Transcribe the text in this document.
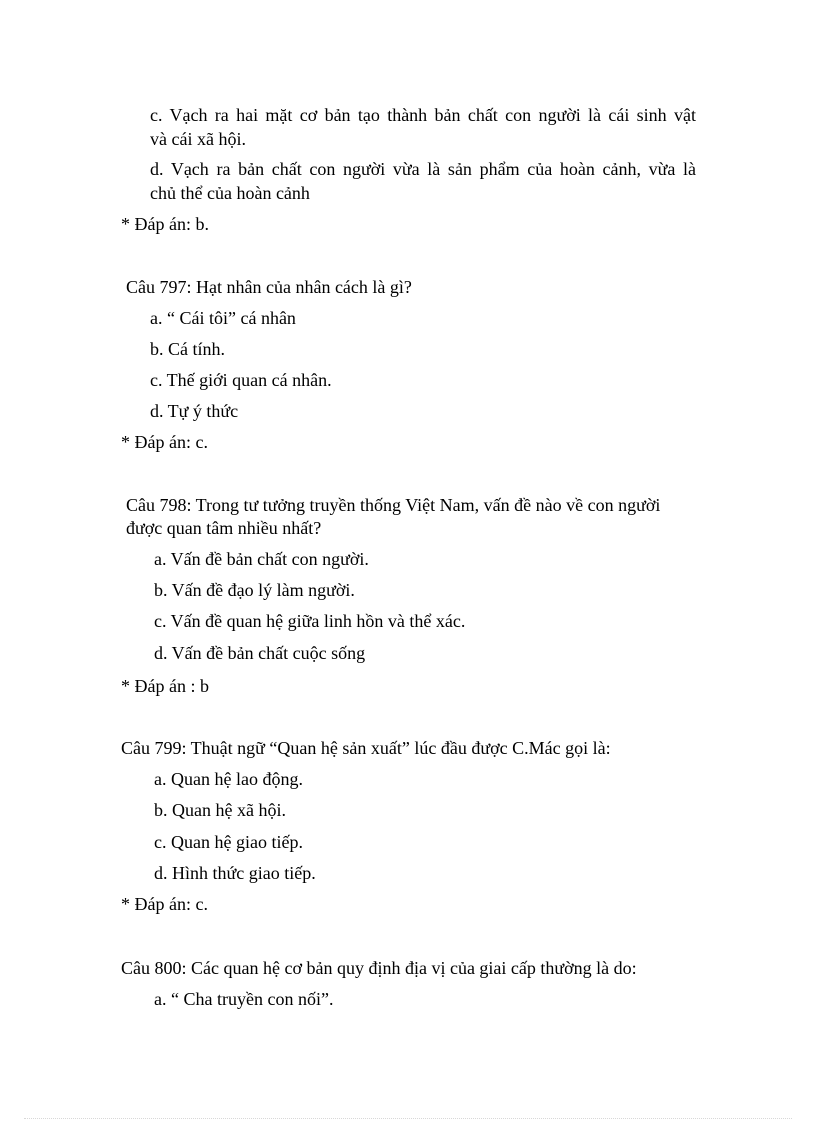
c. Vạch ra hai mặt cơ bản tạo thành bản chất con người là cái sinh vật
và cái xã hội.
d. Vạch ra bản chất con người vừa là sản phẩm của hoàn cảnh, vừa là
chủ thể của hoàn cảnh
* Đáp án: b.
Câu 797: Hạt nhân của nhân cách là gì?
a. “ Cái tôi” cá nhân
b. Cá tính.
c. Thế giới quan cá nhân.
d. Tự ý thức
* Đáp án: c.
Câu 798: Trong tư tưởng truyền thống Việt Nam, vấn đề nào về con người
được quan tâm nhiều nhất?
a. Vấn đề bản chất con người.
b. Vấn đề đạo lý làm người.
c. Vấn đề quan hệ giữa linh hồn và thể xác.
d. Vấn đề bản chất cuộc sống
* Đáp án : b
Câu 799: Thuật ngữ “Quan hệ sản xuất” lúc đầu được C.Mác gọi là:
a. Quan hệ lao động.
b. Quan hệ xã hội.
c. Quan hệ giao tiếp.
d. Hình thức giao tiếp.
* Đáp án: c.
Câu 800: Các quan hệ cơ bản quy định địa vị của giai cấp thường là do:
a. “ Cha truyền con nối”.
